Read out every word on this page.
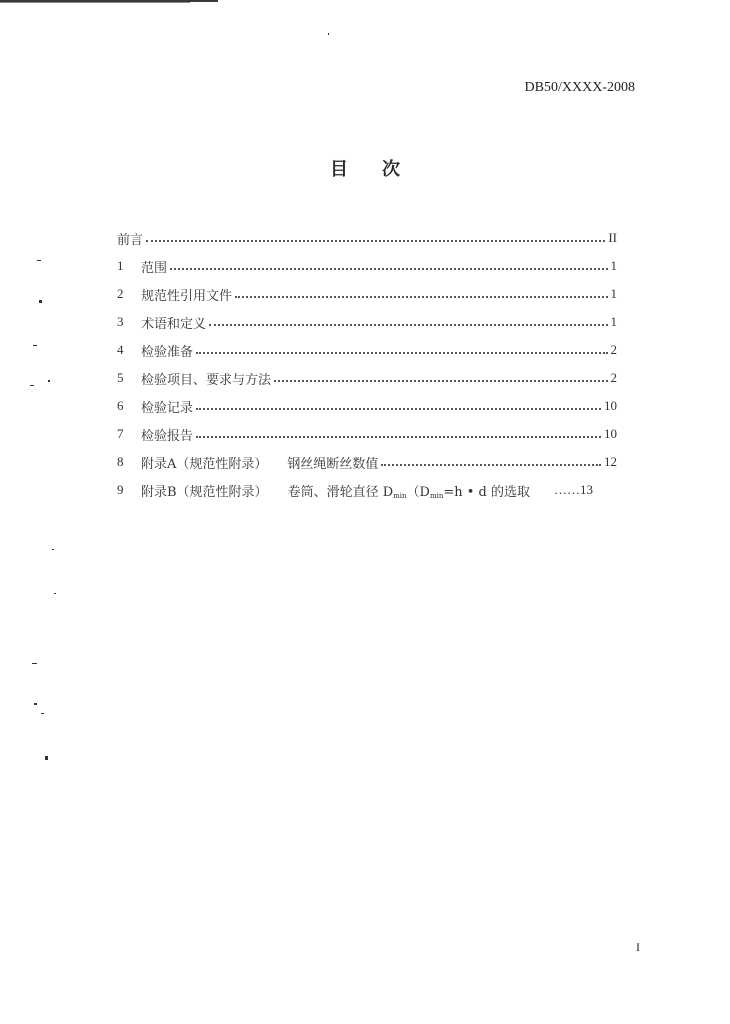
DB50/XXXX-2008
目次
前言	II
1	范围	1
2	规范性引用文件	1
3	术语和定义	1
4	检验准备	2
5	检验项目、要求与方法	2
6	检验记录	10
7	检验报告	10
8	附录A（规范性附录） 钢丝绳断丝数值	12
9	附录B（规范性附录） 卷筒、滑轮直径 $D_{min}(D_{min}=h$ • d 的选取 …… 13
I
